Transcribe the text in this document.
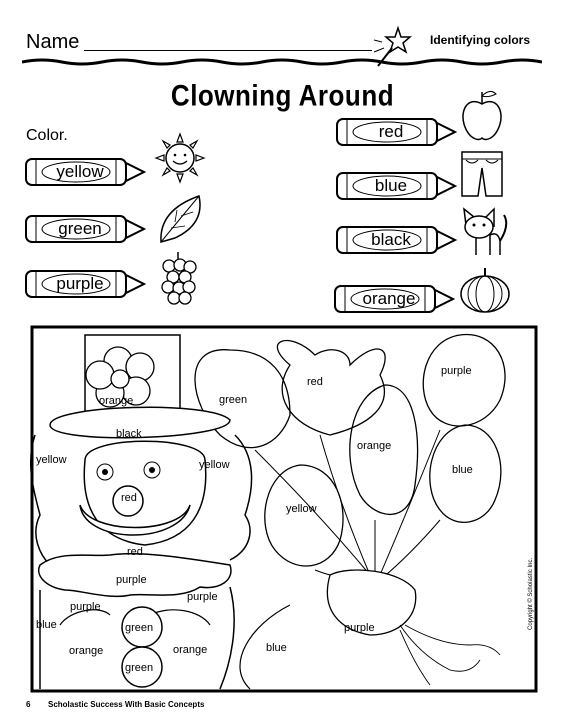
Name	Identifying colors
Clowning Around
Color.
yellow
green
purple
red
blue
black
orange
orange
black
yellow	yellow
red
red
purple
purple
purple
blue	green
green
orange	orange
green
red
orange
purple
blue
yellow
purple
blue
6 Scholastic Success With Basic Concepts
Copyright © Scholastic Inc.
